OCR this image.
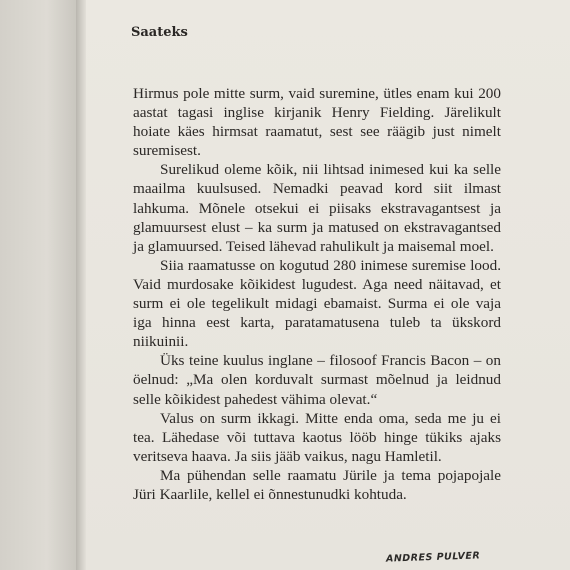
Saateks

Hirmus pole mitte surm, vaid suremine, ütles enam kui 200 aastat tagasi inglise kirjanik Henry Fielding. Järelikult hoiate käes hirmsat raamatut, sest see räägib just nimelt suremisest.

Surelikud oleme kõik, nii lihtsad inimesed kui ka selle maailma kuulsused. Nemadki peavad kord siit ilmast lahkuma. Mõnele otsekui ei piisaks ekstravagantsest ja glamuursest elust – ka surm ja matused on ekstravagantsed ja glamuursed. Teised lähevad rahulikult ja maisemal moel.

Siia raamatusse on kogutud 280 inimese suremise lood. Vaid murdosake kõikidest lugudest. Aga need näitavad, et surm ei ole tegelikult midagi ebamaist. Surma ei ole vaja iga hinna eest karta, paratamatusena tuleb ta ükskord niikuinii.

Üks teine kuulus inglane – filosoof Francis Bacon – on öelnud: „Ma olen korduvalt surmast mõelnud ja leidnud selle kõikidest pahedest vähima olevat.“

Valus on surm ikkagi. Mitte enda oma, seda me ju ei tea. Lähedase või tuttava kaotus lööb hinge tükiks ajaks veritseva haava. Ja siis jääb vaikus, nagu Hamletil.

Ma pühendan selle raamatu Jürile ja tema pojapojale Jüri Kaarlile, kellel ei õnnestunudki kohtuda.

ANDRES PULVER
